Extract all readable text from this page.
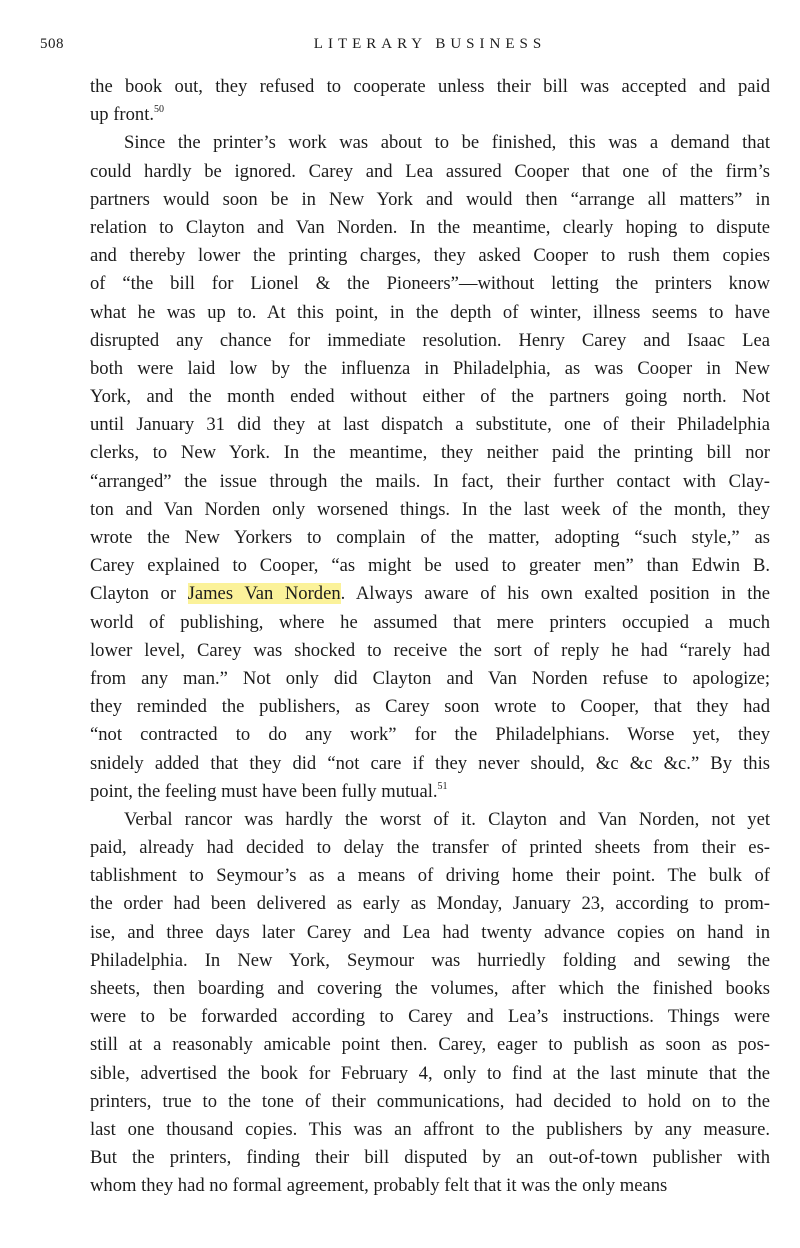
508	LITERARY BUSINESS
the book out, they refused to cooperate unless their bill was accepted and paid
up front.$^{50}$
Since the printer’s work was about to be finished, this was a demand that
could hardly be ignored. Carey and Lea assured Cooper that one of the firm’s
partners would soon be in New York and would then “arrange all matters” in
relation to Clayton and Van Norden. In the meantime, clearly hoping to dispute
and thereby lower the printing charges, they asked Cooper to rush them copies
of “the bill for Lionel & the Pioneers”—without letting the printers know
what he was up to. At this point, in the depth of winter, illness seems to have
disrupted any chance for immediate resolution. Henry Carey and Isaac Lea
both were laid low by the influenza in Philadelphia, as was Cooper in New
York, and the month ended without either of the partners going north. Not
until January 31 did they at last dispatch a substitute, one of their Philadelphia
clerks, to New York. In the meantime, they neither paid the printing bill nor
“arranged” the issue through the mails. In fact, their further contact with Clay-
ton and Van Norden only worsened things. In the last week of the month, they
wrote the New Yorkers to complain of the matter, adopting “such style,” as
Carey explained to Cooper, “as might be used to greater men” than Edwin B.
Clayton or James Van Norden. Always aware of his own exalted position in the
world of publishing, where he assumed that mere printers occupied a much
lower level, Carey was shocked to receive the sort of reply he had “rarely had
from any man.” Not only did Clayton and Van Norden refuse to apologize;
they reminded the publishers, as Carey soon wrote to Cooper, that they had
“not contracted to do any work” for the Philadelphians. Worse yet, they
snidely added that they did “not care if they never should, &c &c &c.” By this
point, the feeling must have been fully mutual.$^{51}$
Verbal rancor was hardly the worst of it. Clayton and Van Norden, not yet
paid, already had decided to delay the transfer of printed sheets from their es-
tablishment to Seymour’s as a means of driving home their point. The bulk of
the order had been delivered as early as Monday, January 23, according to prom-
ise, and three days later Carey and Lea had twenty advance copies on hand in
Philadelphia. In New York, Seymour was hurriedly folding and sewing the
sheets, then boarding and covering the volumes, after which the finished books
were to be forwarded according to Carey and Lea’s instructions. Things were
still at a reasonably amicable point then. Carey, eager to publish as soon as pos-
sible, advertised the book for February 4, only to find at the last minute that the
printers, true to the tone of their communications, had decided to hold on to the
last one thousand copies. This was an affront to the publishers by any measure.
But the printers, finding their bill disputed by an out-of-town publisher with
whom they had no formal agreement, probably felt that it was the only means
